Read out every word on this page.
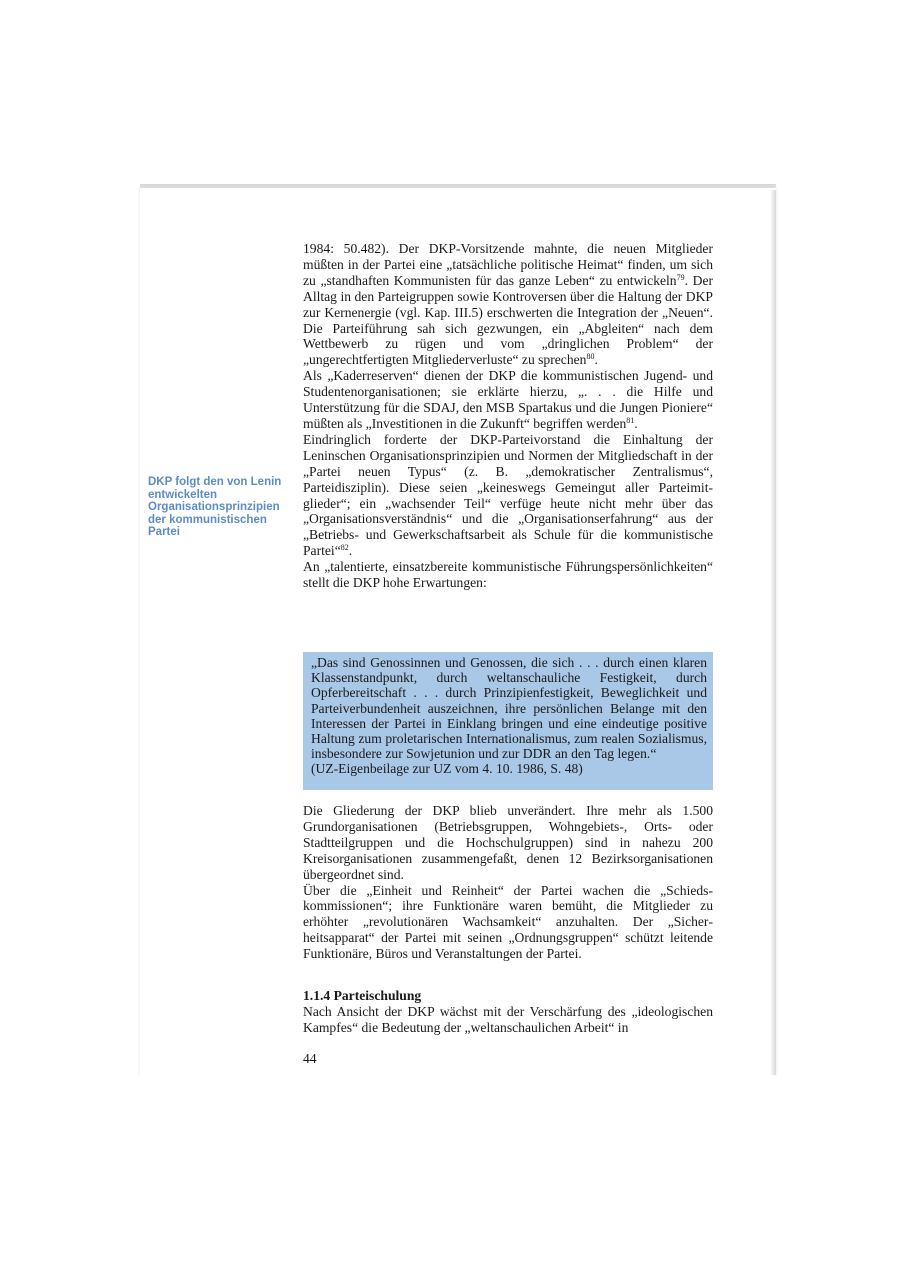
DKP folgt den von Lenin entwickelten Organisationsprinzipien der kommunistischen Partei

1984: 50.482). Der DKP-Vorsitzende mahnte, die neuen Mitglieder müßten in der Partei eine „tatsächliche politische Heimat“ finden, um sich zu „standhaften Kommunisten für das ganze Leben“ zu entwickeln$^{79}$. Der Alltag in den Parteigruppen sowie Kontroversen über die Haltung der DKP zur Kernenergie (vgl. Kap. III.5) erschwerten die Integration der „Neuen“. Die Parteiführung sah sich gezwungen, ein „Abgleiten“ nach dem Wettbewerb zu rügen und vom „dringlichen Problem“ der „ungerechtfertigten Mitgliederverluste“ zu sprechen$^{80}$.

Als „Kaderreserven“ dienen der DKP die kommunistischen Jugend- und Studentenorganisationen; sie erklärte hierzu, „. . . die Hilfe und Unterstützung für die SDAJ, den MSB Spartakus und die Jungen Pioniere“ müßten als „Investitionen in die Zukunft“ begriffen werden$^{81}$.

Eindringlich forderte der DKP-Parteivorstand die Einhaltung der Leninschen Organisationsprinzipien und Normen der Mitgliedschaft in der „Partei neuen Typus“ (z. B. „demokratischer Zentralismus“, Parteidisziplin). Diese seien „keineswegs Gemeingut aller Parteimitglieder“; ein „wachsender Teil“ verfüge heute nicht mehr über das „Organisationsverständnis“ und die „Organisationserfahrung“ aus der „Betriebs- und Gewerkschaftsarbeit als Schule für die kommunistische Partei“$^{82}$.

An „talentierte, einsatzbereite kommunistische Führungspersönlichkeiten“ stellt die DKP hohe Erwartungen:

„Das sind Genossinnen und Genossen, die sich . . . durch einen klaren Klassenstandpunkt, durch weltanschauliche Festigkeit, durch Opferbereitschaft . . . durch Prinzipienfestigkeit, Beweglichkeit und Parteiverbundenheit auszeichnen, ihre persönlichen Belange mit den Interessen der Partei in Einklang bringen und eine eindeutige positive Haltung zum proletarischen Internationalismus, zum realen Sozialismus, insbesondere zur Sowjetunion und zur DDR an den Tag legen.“

(UZ-Eigenbeilage zur UZ vom 4. 10. 1986, S. 48)

Die Gliederung der DKP blieb unverändert. Ihre mehr als 1.500 Grundorganisationen (Betriebsgruppen, Wohngebiets-, Orts- oder Stadtteilgruppen und die Hochschulgruppen) sind in nahezu 200 Kreisorganisationen zusammengefaßt, denen 12 Bezirksorganisationen übergeordnet sind.

Über die „Einheit und Reinheit“ der Partei wachen die „Schiedskommissionen“; ihre Funktionäre waren bemüht, die Mitglieder zu erhöhter „revolutionären Wachsamkeit“ anzuhalten. Der „Sicherheitsapparat“ der Partei mit seinen „Ordnungsgruppen“ schützt leitende Funktionäre, Büros und Veranstaltungen der Partei.

1.1.4 Parteischulung

Nach Ansicht der DKP wächst mit der Verschärfung des „ideologischen Kampfes“ die Bedeutung der „weltanschaulichen Arbeit“ in

44
